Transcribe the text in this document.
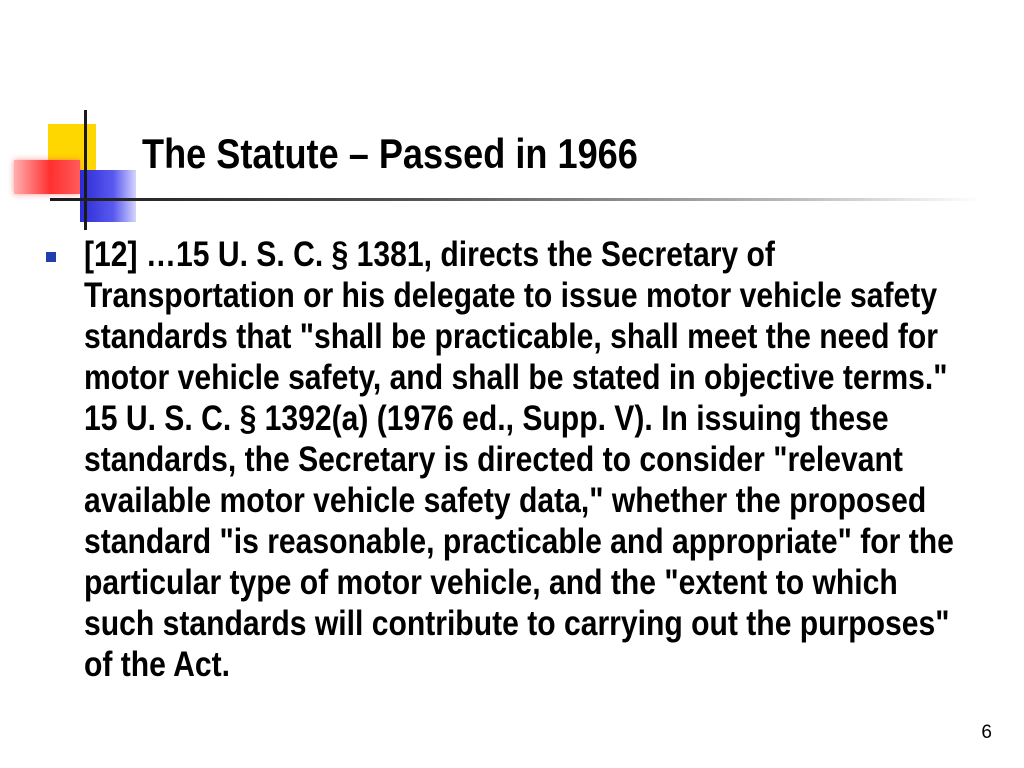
The Statute – Passed in 1966

[12] …15 U. S. C. § 1381, directs the Secretary of Transportation or his delegate to issue motor vehicle safety standards that "shall be practicable, shall meet the need for motor vehicle safety, and shall be stated in objective terms." 15 U. S. C. § 1392(a) (1976 ed., Supp. V). In issuing these standards, the Secretary is directed to consider "relevant available motor vehicle safety data," whether the proposed standard "is reasonable, practicable and appropriate" for the particular type of motor vehicle, and the "extent to which such standards will contribute to carrying out the purposes" of the Act.

6
